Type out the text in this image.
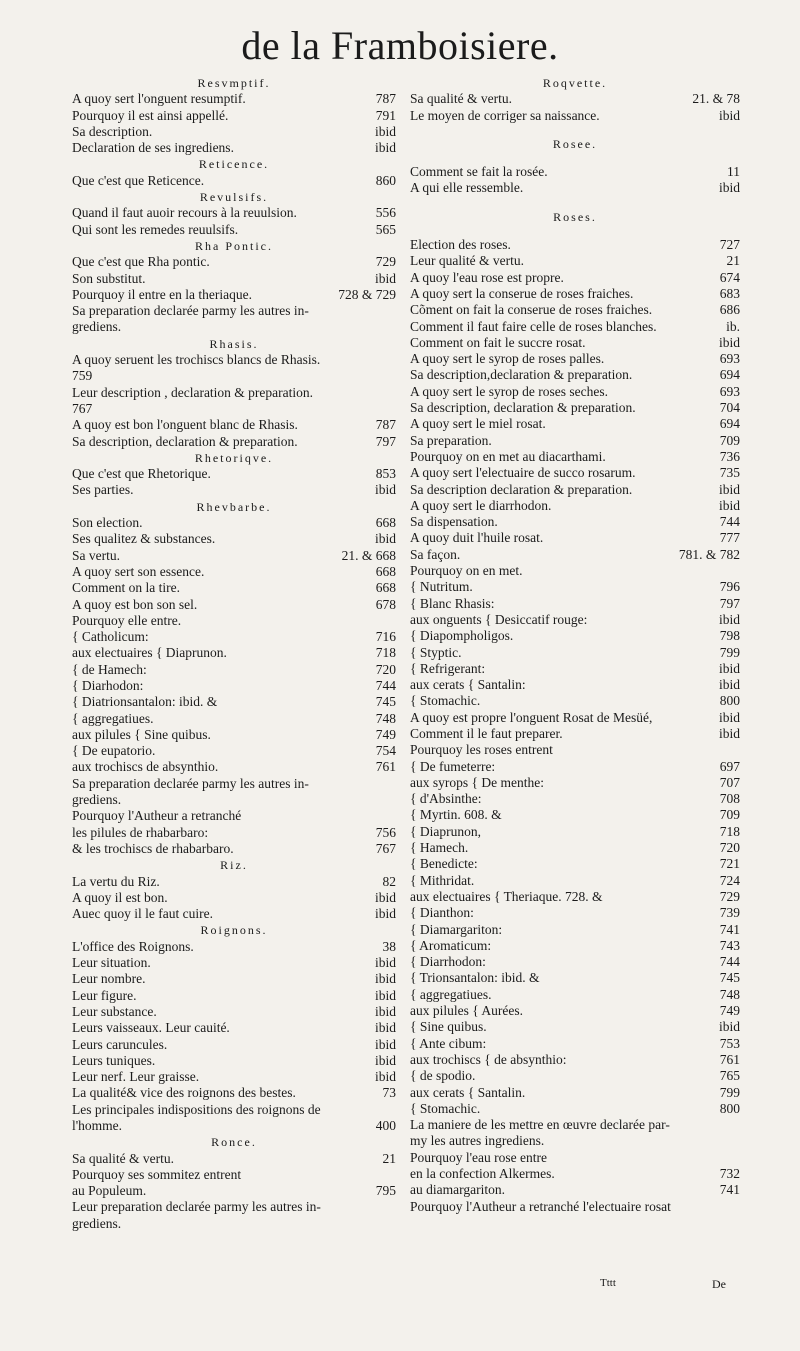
de la Framboisiere.
Resvmptif.
A quoy sert l'onguent resumptif.	787
Pourquoy il est ainsi appellé.	791
Sa description.	ibid
Declaration de ses ingrediens.	ibid
Reticence.
Que c'est que Reticence.	860
Revulsifs.
Quand il faut auoir recours à la reuulsion.	556
Qui sont les remedes reuulsifs.	565
Rha Pontic.
Que c'est que Rha pontic.	729
Son substitut.	ibid
Pourquoy il entre en la theriaque.	728 & 729
Sa preparation declarée parmy les autres in-
grediens.
Rhasis.
A quoy seruent les trochiscs blancs de Rhasis.
759
Leur description , declaration & preparation.
767
A quoy est bon l'onguent blanc de Rhasis.	787
Sa description, declaration & preparation.	797
Rhetoriqve.
Que c'est que Rhetorique.	853
Ses parties.	ibid
Rhevbarbe.
Son election.	668
Ses qualitez & substances.	ibid
Sa vertu.	21. & 668
A quoy sert son essence.	668
Comment on la tire.	668
A quoy est bon son sel.	678
Pourquoy elle entre.
{ Catholicum:	716
aux electuaires { Diaprunon.	718
{ de Hamech:	720
{ Diarhodon:	744
{ Diatrionsantalon: ibid. &	745
{ aggregatiues.	748
aux pilules { Sine quibus.	749
{ De eupatorio.	754
aux trochiscs de absynthio.	761
Sa preparation declarée parmy les autres in-
grediens.
Pourquoy l'Autheur a retranché
les pilules de rhabarbaro:	756
& les trochiscs de rhabarbaro.	767
Riz.
La vertu du Riz.	82
A quoy il est bon.	ibid
Auec quoy il le faut cuire.	ibid
Roignons.
L'office des Roignons.	38
Leur situation.	ibid
Leur nombre.	ibid
Leur figure.	ibid
Leur substance.	ibid
Leurs vaisseaux. Leur cauité.	ibid
Leurs caruncules.	ibid
Leurs tuniques.	ibid
Leur nerf. Leur graisse.	ibid
La qualité& vice des roignons des bestes.	73
Les principales indispositions des roignons de
l'homme.	400
Ronce.
Sa qualité & vertu.	21
Pourquoy ses sommitez entrent
au Populeum.	795
Leur preparation declarée parmy les autres in-
grediens.
Roqvette.
Sa qualité & vertu.	21. & 78
Le moyen de corriger sa naissance.	ibid
Rosee.
Comment se fait la rosée.	11
A qui elle ressemble.	ibid
Roses.
Election des roses.	727
Leur qualité & vertu.	21
A quoy l'eau rose est propre.	674
A quoy sert la conserue de roses fraiches.	683
Cõment on fait la conserue de roses fraiches.	686
Comment il faut faire celle de roses blanches.	ib.
Comment on fait le succre rosat.	ibid
A quoy sert le syrop de roses palles.	693
Sa description,declaration & preparation.	694
A quoy sert le syrop de roses seches.	693
Sa description, declaration & preparation.	704
A quoy sert le miel rosat.	694
Sa preparation.	709
Pourquoy on en met au diacarthami.	736
A quoy sert l'electuaire de succo rosarum.	735
Sa description declaration & preparation.	ibid
A quoy sert le diarrhodon.	ibid
Sa dispensation.	744
A quoy duit l'huile rosat.	777
Sa façon.	781. & 782
Pourquoy on en met.
{ Nutritum.	796
{ Blanc Rhasis:	797
aux onguents { Desiccatif rouge:	ibid
{ Diapompholigos.	798
{ Styptic.	799
{ Refrigerant:	ibid
aux cerats { Santalin:	ibid
{ Stomachic.	800
A quoy est propre l'onguent Rosat de Mesüé,	ibid
Comment il le faut preparer.	ibid
Pourquoy les roses entrent
{ De fumeterre:	697
aux syrops { De menthe:	707
{ d'Absinthe:	708
{ Myrtin. 608. &	709
{ Diaprunon,	718
{ Hamech.	720
{ Benedicte:	721
{ Mithridat.	724
aux electuaires { Theriaque. 728. &	729
{ Dianthon:	739
{ Diamargariton:	741
{ Aromaticum:	743
{ Diarrhodon:	744
{ Trionsantalon: ibid. &	745
{ aggregatiues.	748
aux pilules { Aurées.	749
{ Sine quibus.	ibid
{ Ante cibum:	753
aux trochiscs { de absynthio:	761
{ de spodio.	765
aux cerats { Santalin.	799
{ Stomachic.	800
La maniere de les mettre en œuvre declarée par-
my les autres ingrediens.
Pourquoy l'eau rose entre
en la confection Alkermes.	732
au diamargariton.	741
Pourquoy l'Autheur a retranché l'electuaire rosat
Tttt	De
